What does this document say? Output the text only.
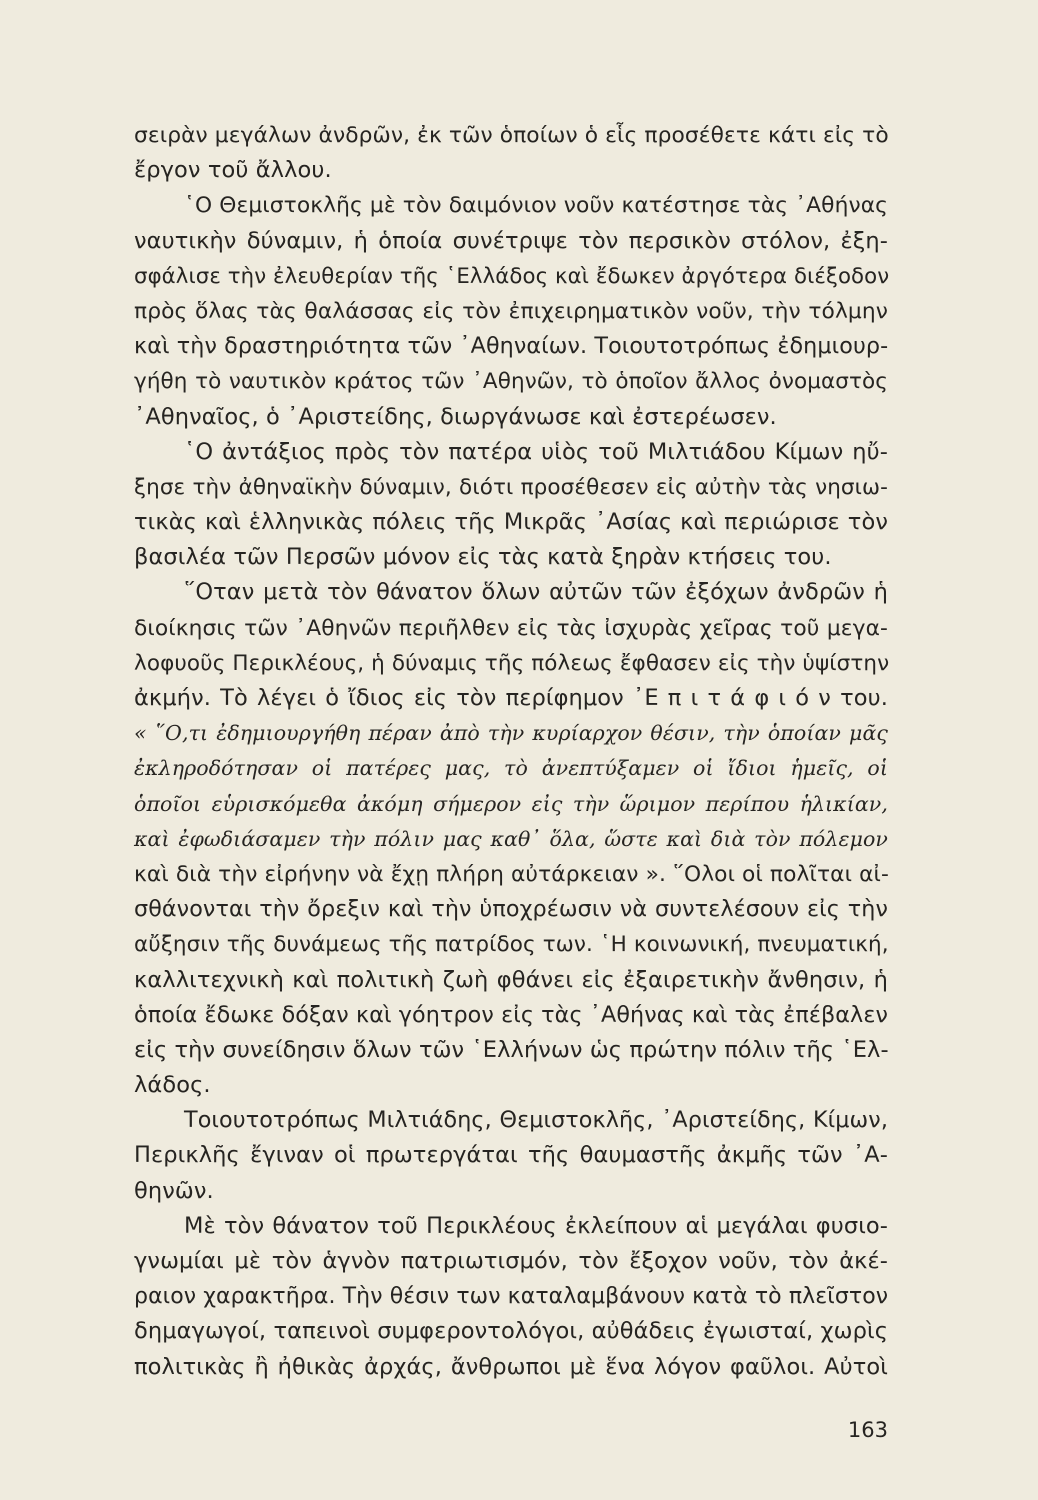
σειρὰν μεγάλων ἀνδρῶν, ἐκ τῶν ὁποίων ὁ εἷς προσέθετε κάτι εἰς τὸ
ἔργον τοῦ ἄλλου.
῾Ο Θεμιστοκλῆς μὲ τὸν δαιμόνιον νοῦν κατέστησε τὰς ᾿Αθήνας
ναυτικὴν δύναμιν, ἡ ὁποία συνέτριψε τὸν περσικὸν στόλον, ἐξη-
σφάλισε τὴν ἐλευθερίαν τῆς ῾Ελλάδος καὶ ἔδωκεν ἀργότερα διέξοδον
πρὸς ὅλας τὰς θαλάσσας εἰς τὸν ἐπιχειρηματικὸν νοῦν, τὴν τόλμην
καὶ τὴν δραστηριότητα τῶν ᾿Αθηναίων. Τοιουτοτρόπως ἐδημιουρ-
γήθη τὸ ναυτικὸν κράτος τῶν ᾿Αθηνῶν, τὸ ὁποῖον ἄλλος ὀνομαστὸς
᾿Αθηναῖος, ὁ ᾿Αριστείδης, διωργάνωσε καὶ ἐστερέωσεν.
῾Ο ἀντάξιος πρὸς τὸν πατέρα υἱὸς τοῦ Μιλτιάδου Κίμων ηὔ-
ξησε τὴν ἀθηναϊκὴν δύναμιν, διότι προσέθεσεν εἰς αὐτὴν τὰς νησιω-
τικὰς καὶ ἑλληνικὰς πόλεις τῆς Μικρᾶς ᾿Ασίας καὶ περιώρισε τὸν
βασιλέα τῶν Περσῶν μόνον εἰς τὰς κατὰ ξηρὰν κτήσεις του.
῞Οταν μετὰ τὸν θάνατον ὅλων αὐτῶν τῶν ἐξόχων ἀνδρῶν ἡ
διοίκησις τῶν ᾿Αθηνῶν περιῆλθεν εἰς τὰς ἰσχυρὰς χεῖρας τοῦ μεγα-
λοφυοῦς Περικλέους, ἡ δύναμις τῆς πόλεως ἔφθασεν εἰς τὴν ὑψίστην
ἀκμήν. Τὸ λέγει ὁ ἴδιος εἰς τὸν περίφημον ᾿Ε π ι τ ά φ ι ό ν του.
« ῞Ο,τι ἐδημιουργήθη πέραν ἀπὸ τὴν κυρίαρχον θέσιν, τὴν ὁποίαν μᾶς
ἐκληροδότησαν οἱ πατέρες μας, τὸ ἀνεπτύξαμεν οἱ ἴδιοι ἡμεῖς, οἱ
ὁποῖοι εὑρισκόμεθα ἀκόμη σήμερον εἰς τὴν ὥριμον περίπου ἡλικίαν,
καὶ ἐφωδιάσαμεν τὴν πόλιν μας καθ᾿ ὅλα, ὥστε καὶ διὰ τὸν πόλεμον
καὶ διὰ τὴν εἰρήνην νὰ ἔχῃ πλήρη αὐτάρκειαν ». ῞Ολοι οἱ πολῖται αἰ-
σθάνονται τὴν ὄρεξιν καὶ τὴν ὑποχρέωσιν νὰ συντελέσουν εἰς τὴν
αὔξησιν τῆς δυνάμεως τῆς πατρίδος των. ῾Η κοινωνική, πνευματική,
καλλιτεχνικὴ καὶ πολιτικὴ ζωὴ φθάνει εἰς ἐξαιρετικὴν ἄνθησιν, ἡ
ὁποία ἔδωκε δόξαν καὶ γόητρον εἰς τὰς ᾿Αθήνας καὶ τὰς ἐπέβαλεν
εἰς τὴν συνείδησιν ὅλων τῶν ῾Ελλήνων ὡς πρώτην πόλιν τῆς ῾Ελ-
λάδος.
Τοιουτοτρόπως Μιλτιάδης, Θεμιστοκλῆς, ᾿Αριστείδης, Κίμων,
Περικλῆς ἔγιναν οἱ πρωτεργάται τῆς θαυμαστῆς ἀκμῆς τῶν ᾿Α-
θηνῶν.
Μὲ τὸν θάνατον τοῦ Περικλέους ἐκλείπουν αἱ μεγάλαι φυσιο-
γνωμίαι μὲ τὸν ἁγνὸν πατριωτισμόν, τὸν ἔξοχον νοῦν, τὸν ἀκέ-
ραιον χαρακτῆρα. Τὴν θέσιν των καταλαμβάνουν κατὰ τὸ πλεῖστον
δημαγωγοί, ταπεινοὶ συμφεροντολόγοι, αὐθάδεις ἐγωισταί, χωρὶς
πολιτικὰς ἢ ἠθικὰς ἀρχάς, ἄνθρωποι μὲ ἕνα λόγον φαῦλοι. Αὐτοὶ
163
